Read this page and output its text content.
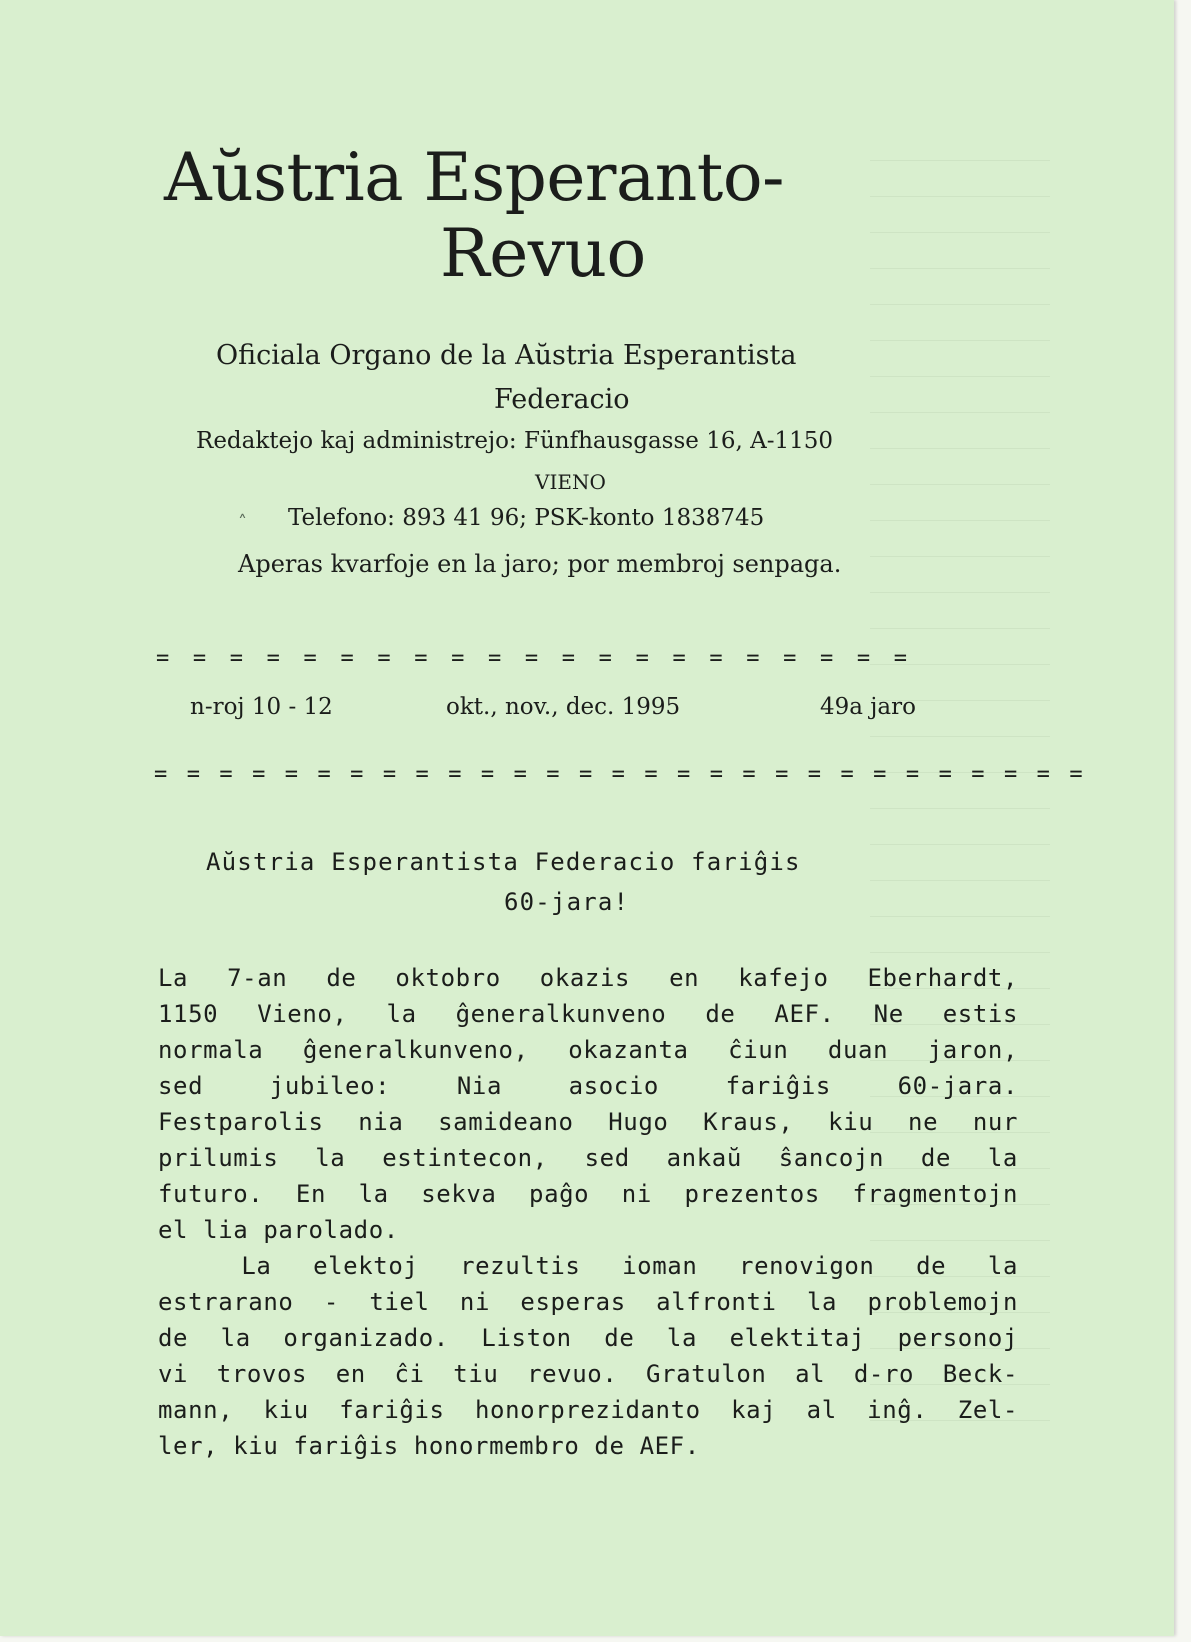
Aŭstria Esperanto-

Revuo

Oficiala Organo de la Aŭstria Esperantista
Federacio
Redaktejo kaj administrejo: Fünfhausgasse 16, A-1150
VIENO
˄ Telefono: 893 41 96; PSK-konto 1838745
Aperas kvarfoje en la jaro; por membroj senpaga.
= = = = = = = = = = = = = = = = = = = = =
n-roj 10 - 12	okt., nov., dec. 1995	49a jaro
= = = = = = = = = = = = = = = = = = = = = = = = = = = = =
Aŭstria Esperantista Federacio fariĝis
60-jara!
La 7-an de oktobro okazis en kafejo Eberhardt,
1150 Vieno, la ĝeneralkunveno de AEF. Ne estis
normala ĝeneralkunveno, okazanta ĉiun duan jaron,
sed jubileo: Nia asocio fariĝis 60-jara.
Festparolis nia samideano Hugo Kraus, kiu ne nur
prilumis la estintecon, sed ankaŭ ŝancojn de la
futuro. En la sekva paĝo ni prezentos fragmentojn
el lia parolado.
La elektoj rezultis ioman renovigon de la
estrarano - tiel ni esperas alfronti la problemojn
de la organizado. Liston de la elektitaj personoj
vi trovos en ĉi tiu revuo. Gratulon al d-ro Beck-
mann, kiu fariĝis honorprezidanto kaj al inĝ. Zel-
ler, kiu fariĝis honormembro de AEF.
